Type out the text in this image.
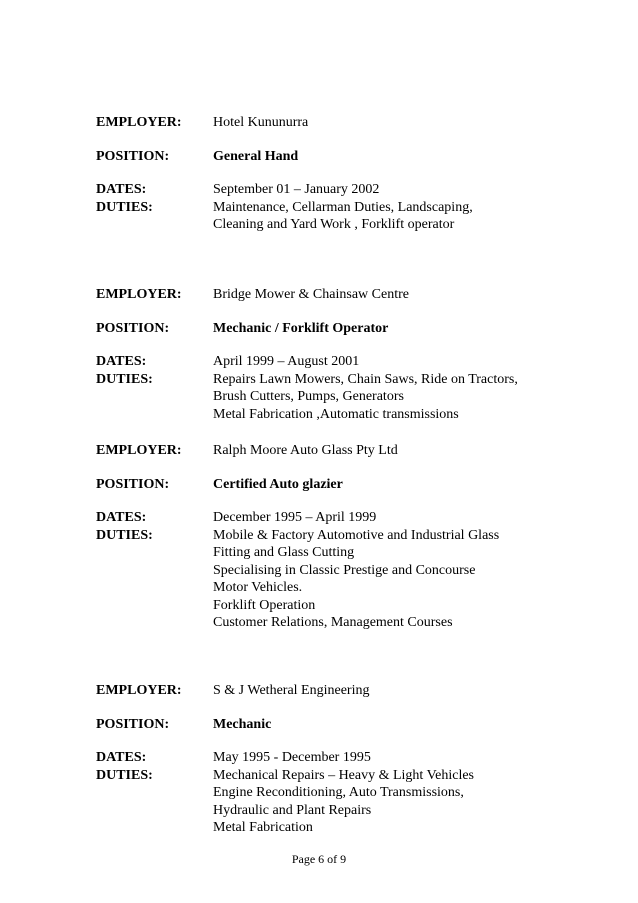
EMPLOYER: Hotel Kununurra
POSITION:	General Hand
DATES:	September 01 – January 2002
DUTIES:	Maintenance, Cellarman Duties, Landscaping,
Cleaning and Yard Work , Forklift operator
EMPLOYER: Bridge Mower & Chainsaw Centre
POSITION:	Mechanic / Forklift Operator
DATES:	April 1999 – August 2001
DUTIES:	Repairs Lawn Mowers, Chain Saws, Ride on Tractors,
Brush Cutters, Pumps, Generators
Metal Fabrication ,Automatic transmissions
EMPLOYER: Ralph Moore Auto Glass Pty Ltd
POSITION:	Certified Auto glazier
DATES:	December 1995 – April 1999
DUTIES:	Mobile & Factory Automotive and Industrial Glass
Fitting and Glass Cutting
Specialising in Classic Prestige and Concourse
Motor Vehicles.
Forklift Operation
Customer Relations, Management Courses
EMPLOYER: S & J Wetheral Engineering
POSITION:	Mechanic
DATES:	May 1995 - December 1995
DUTIES:	Mechanical Repairs – Heavy & Light Vehicles
Engine Reconditioning, Auto Transmissions,
Hydraulic and Plant Repairs
Metal Fabrication
Page 6 of 9
